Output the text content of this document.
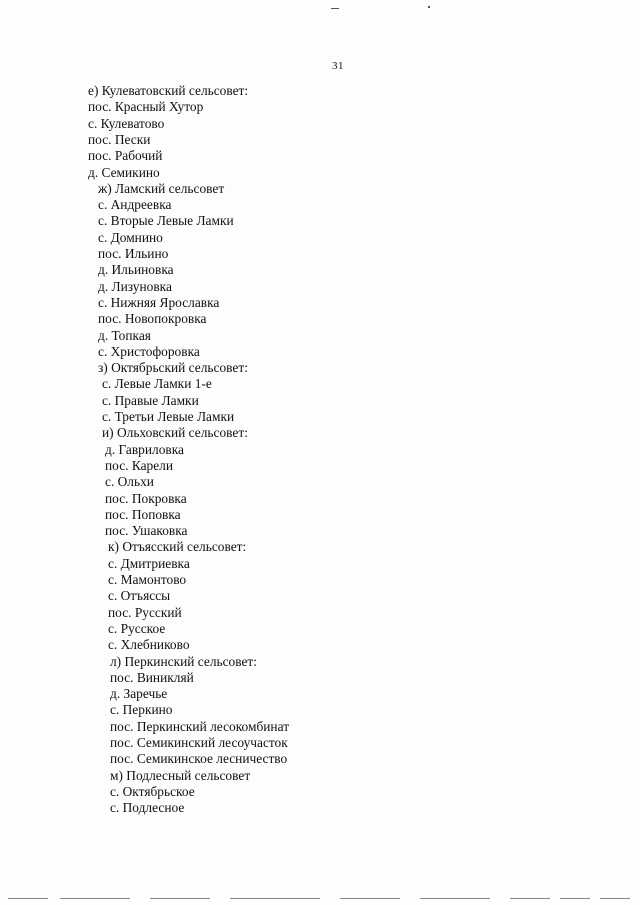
31
е) Кулеватовский сельсовет:
пос. Красный Хутор
с. Кулеватово
пос. Пески
пос. Рабочий
д. Семикино
ж) Ламский сельсовет
с. Андреевка
с. Вторые Левые Ламки
с. Домнино
пос. Ильино
д. Ильиновка
д. Лизуновка
с. Нижняя Ярославка
пос. Новопокровка
д. Топкая
с. Христофоровка
з) Октябрьский сельсовет:
с. Левые Ламки 1-е
с. Правые Ламки
с. Третьи Левые Ламки
и) Ольховский сельсовет:
д. Гавриловка
пос. Карели
с. Ольхи
пос. Покровка
пос. Поповка
пос. Ушаковка
к) Отъясский сельсовет:
с. Дмитриевка
с. Мамонтово
с. Отъяссы
пос. Русский
с. Русское
с. Хлебниково
л) Перкинский сельсовет:
пос. Виникляй
д. Заречье
с. Перкино
пос. Перкинский лесокомбинат
пос. Семикинский лесоучасток
пос. Семикинское лесничество
м) Подлесный сельсовет
с. Октябрьское
с. Подлесное
